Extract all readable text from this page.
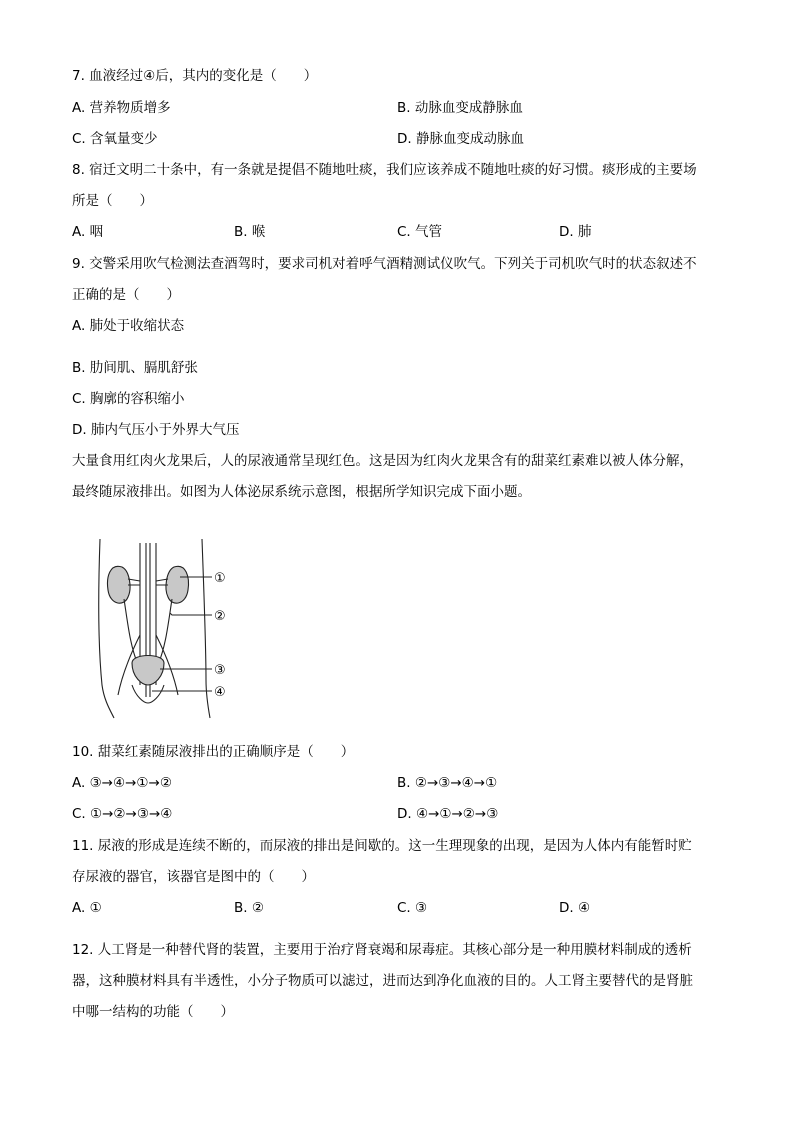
7. 血液经过④后，其内的变化是（　　）
A. 营养物质增多	B. 动脉血变成静脉血
C. 含氧量变少	D. 静脉血变成动脉血
8. 宿迁文明二十条中，有一条就是提倡不随地吐痰，我们应该养成不随地吐痰的好习惯。痰形成的主要场
所是（　　）
A. 咽	B. 喉	C. 气管	D. 肺
9. 交警采用吹气检测法查酒驾时，要求司机对着呼气酒精测试仪吹气。下列关于司机吹气时的状态叙述不
正确的是（　　）
A. 肺处于收缩状态
B. 肋间肌、膈肌舒张
C. 胸廓的容积缩小
D. 肺内气压小于外界大气压
大量食用红肉火龙果后，人的尿液通常呈现红色。这是因为红肉火龙果含有的甜菜红素难以被人体分解，
最终随尿液排出。如图为人体泌尿系统示意图，根据所学知识完成下面小题。
①
②
③
④
10. 甜菜红素随尿液排出的正确顺序是（　　）
A. ③→④→①→②	B. ②→③→④→①
C. ①→②→③→④	D. ④→①→②→③
11. 尿液的形成是连续不断的，而尿液的排出是间歇的。这一生理现象的出现，是因为人体内有能暂时贮
存尿液的器官，该器官是图中的（　　）
A. ①	B. ②	C. ③	D. ④
12. 人工肾是一种替代肾的装置，主要用于治疗肾衰竭和尿毒症。其核心部分是一种用膜材料制成的透析
器，这种膜材料具有半透性，小分子物质可以滤过，进而达到净化血液的目的。人工肾主要替代的是肾脏
中哪一结构的功能（　　）
